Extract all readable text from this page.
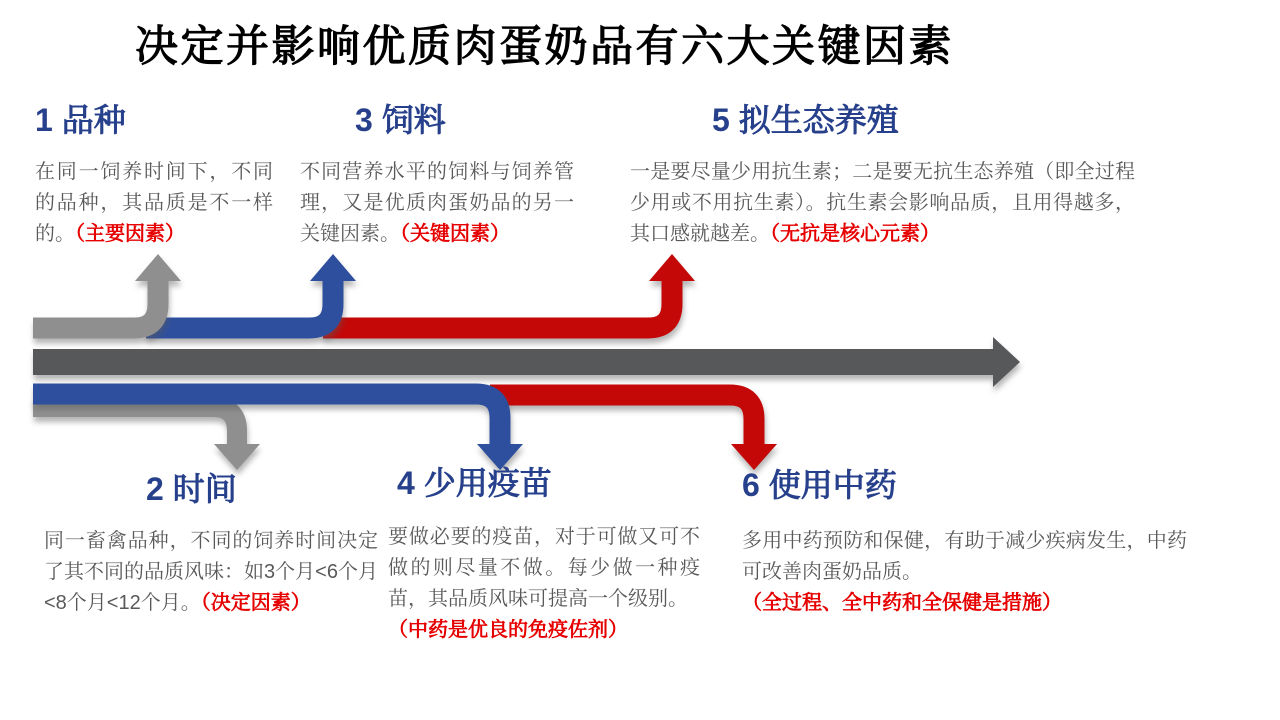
决定并影响优质肉蛋奶品有六大关键因素
1 品种
在同一饲养时间下，不同的品种，其品质是不一样的。（主要因素）
3 饲料
不同营养水平的饲料与饲养管理，又是优质肉蛋奶品的另一关键因素。（关键因素）
5 拟生态养殖
一是要尽量少用抗生素；二是要无抗生态养殖（即全过程少用或不用抗生素）。抗生素会影响品质，且用得越多，其口感就越差。（无抗是核心元素）
2 时间
同一畜禽品种，不同的饲养时间决定了其不同的品质风味：如3个月<6个月<8个月<12个月。（决定因素）
4 少用疫苗
要做必要的疫苗，对于可做又可不做的则尽量不做。每少做一种疫苗，其品质风味可提高一个级别。
（中药是优良的免疫佐剂）
6 使用中药
多用中药预防和保健，有助于减少疾病发生，中药可改善肉蛋奶品质。
（全过程、全中药和全保健是措施）
